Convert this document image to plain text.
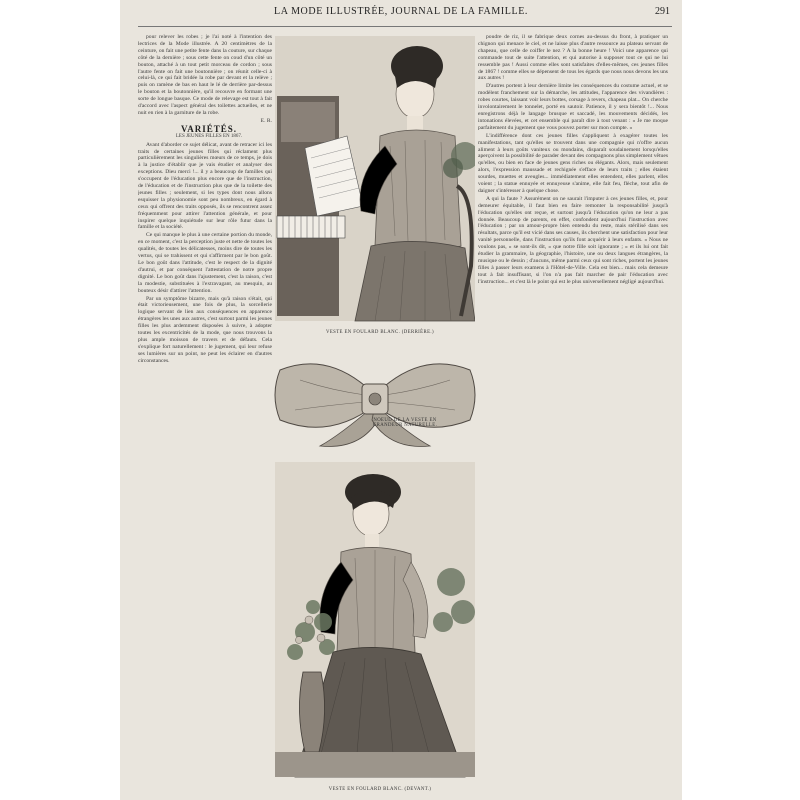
LA MODE ILLUSTRÉE, JOURNAL DE LA FAMILLE.	291

pour relever les robes ; je l'ai noté à l'intention des lectrices de la Mode illustrée. A 20 centimètres de la ceinture, on fait une petite fente dans la couture, sur chaque côté de la dernière ; sous cette fente on coud d'un côté un bouton, attaché à un tout petit morceau de cordon ; sous l'autre fente on fait une boutonnière ; on réunit celle-ci à celui-là, ce qui fait bridée la robe par devant et la relève ; puis on ramène de bas en haut le lé de derrière par-dessus le bouton et la boutonnière, qu'il recouvre en formant une sorte de longue basque. Ce mode de relevage est tout à fait d'accord avec l'aspect général des toilettes actuelles, et ne nuit en rien à la garniture de la robe.

E. R.

VARIÉTÉS.

LES JEUNES FILLES EN 1867.

Avant d'aborder ce sujet délicat, avant de retracer ici les traits de certaines jeunes filles qui réclament plus particulièrement les singulières mœurs de ce temps, je dois à la justice d'établir que je vais étudier et analyser des exceptions. Dieu merci !... il y a beaucoup de familles qui s'occupent de l'éducation plus encore que de l'instruction, de l'éducation et de l'instruction plus que de la toilette des jeunes filles ; seulement, si les types dont nous allons esquisser la physionomie sont peu nombreux, en égard à ceux qui offrent des traits opposés, ils se rencontrent assez fréquemment pour attirer l'attention générale, et pour inspirer quelque inquiétude sur leur rôle futur dans la famille et la société.

Ce qui manque le plus à une certaine portion du monde, en ce moment, c'est la perception juste et nette de toutes les qualités, de toutes les délicatesses, moins dire de toutes les vertus, qui se trahissent et qui s'affirment par le bon goût. Le bon goût dans l'attitude, c'est le respect de la dignité d'autrui, et par conséquent l'attestation de notre propre dignité. Le bon goût dans l'ajustement, c'est la raison, c'est la modestie, substituées à l'extravagant, au mesquin, au bouteux désir d'attirer l'attention.

Par un symptôme bizarre, mais qu'à raison s'était, qui était victorieusement, une fois de plus, la sorcellerie logique servant de lien aux conséquences en apparence étrangères les unes aux autres, c'est surtout parmi les jeunes filles les plus ardemment disposées à suivre, à adopter toutes les excentricités de la mode, que nous trouvons la plus ample moisson de travers et de défauts. Cela s'explique fort naturellement : le jugement, qui leur refuse ses lumières sur un point, ne peut les éclairer en d'autres circonstances.

VESTE EN FOULARD BLANC. (DERRIÈRE.)
NOEUD DE LA VESTE EN GRANDEUR NATURELLE.
VESTE EN FOULARD BLANC. (DEVANT.)

poudre de riz, il se fabrique deux cornes au-dessus du front, à pratiquer un chignon qui menace le ciel, et ne laisse plus d'autre ressource au plateau servant de chapeau, que celle de coiffer le nez ? A la bonne heure ! Voici une apparence qui commande tout de suite l'attention, et qui autorise à supposer tout ce qui ne lui ressemble pas ! Aussi comme elles sont satisfaites d'elles-mêmes, ces jeunes filles de 1867 ! comme elles se dépensent de tous les égards que nous nous devons les uns aux autres !

D'autres portent à leur dernière limite les conséquences du costume actuel, et se modèlent franchement sur la démarche, les attitudes, l'apparence des vivandières : robes courtes, laissant voir leurs bottes, corsage à revers, chapeau plat... On cherche involontairement le tonnelet, porté en sautoir. Patience, il y sera bientôt !... Nous enregistrons déjà le langage brusque et saccadé, les mouvements décidés, les intonations élevées, et cet ensemble qui paraît dire à tout venant : « Je me moque parfaitement du jugement que vous pouvez porter sur mon compte. »

L'indifférence dont ces jeunes filles s'appliquent à exagérer toutes les manifestations, tant qu'elles se trouvent dans une compagnie qui n'offre aucun aliment à leurs goûts vaniteux ou mondains, disparaît soudainement lorsqu'elles aperçoivent la possibilité de parader devant des compagnons plus simplement vêtues qu'elles, ou bien en face de jeunes gens riches ou élégants. Alors, mais seulement alors, l'expression maussade et rechignée s'efface de leurs traits ; elles étaient sourdes, muettes et aveugles... immédiatement elles entendent, elles parlent, elles voient ; la statue ennuyée et ennuyeuse s'anime, elle fait feu, flèche, tout afin de daigner s'intéresser à quelque chose.

A qui la faute ? Assurément on ne saurait l'imputer à ces jeunes filles, et, pour demeurer équitable, il faut bien en faire remonter la responsabilité jusqu'à l'éducation qu'elles ont reçue, et surtout jusqu'à l'éducation qu'on ne leur a pas donnée. Beaucoup de parents, en effet, confondent aujourd'hui l'instruction avec l'éducation ; par un amour-propre bien entendu du reste, mais stérilisé dans ses résultats, parce qu'il est vicié dans ses causes, ils cherchent une satisfaction pour leur vanité personnelle, dans l'instruction qu'ils font acquérir à leurs enfants. « Nous ne voulons pas, » se sont-ils dit, « que notre fille soit ignorante ; » et ils lui ont fait étudier la grammaire, la géographie, l'histoire, une ou deux langues étrangères, la musique ou le dessin ; d'aucuns, même parmi ceux qui sont riches, portent les jeunes filles à passer leurs examens à l'Hôtel-de-Ville. Cela est bien... mais cela demeure tout à fait insuffisant, si l'on n'a pas fait marcher de pair l'éducation avec l'instruction... et c'est là le point qui est le plus universellement négligé aujourd'hui.
